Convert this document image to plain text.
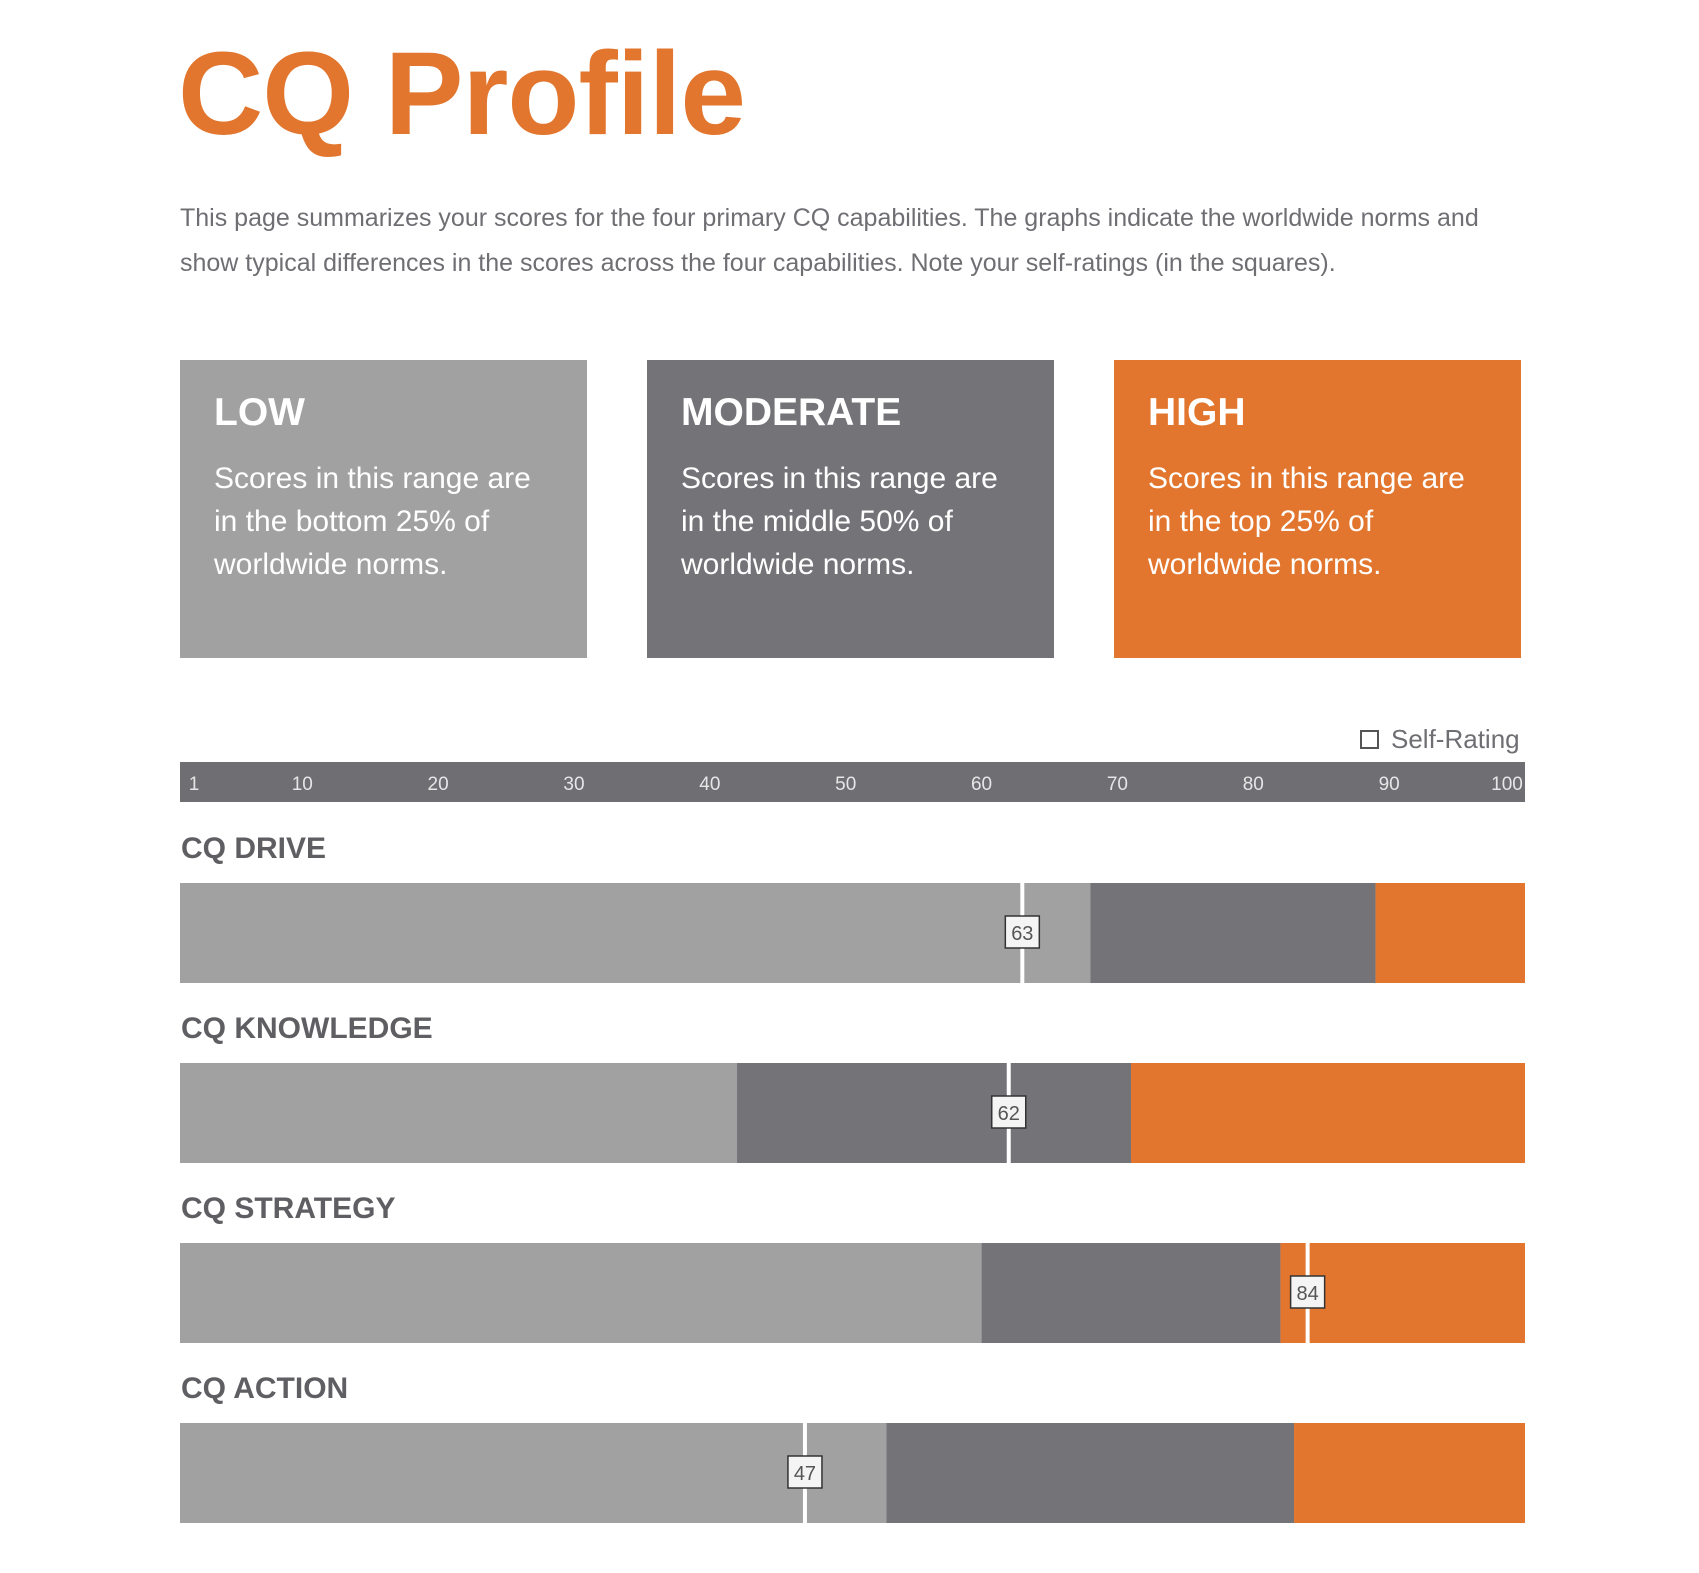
CQ Profile

This page summarizes your scores for the four primary CQ capabilities. The graphs indicate the worldwide norms and show typical differences in the scores across the four capabilities. Note your self-ratings (in the squares).

LOW

Scores in this range are in the bottom 25% of worldwide norms.

MODERATE

Scores in this range are in the middle 50% of worldwide norms.

HIGH

Scores in this range are in the top 25% of worldwide norms.

Self-Rating
1	10	20	30	40	50	60	70	80	90	100
CQ DRIVE
63
CQ KNOWLEDGE
62
CQ STRATEGY
84
CQ ACTION
47
